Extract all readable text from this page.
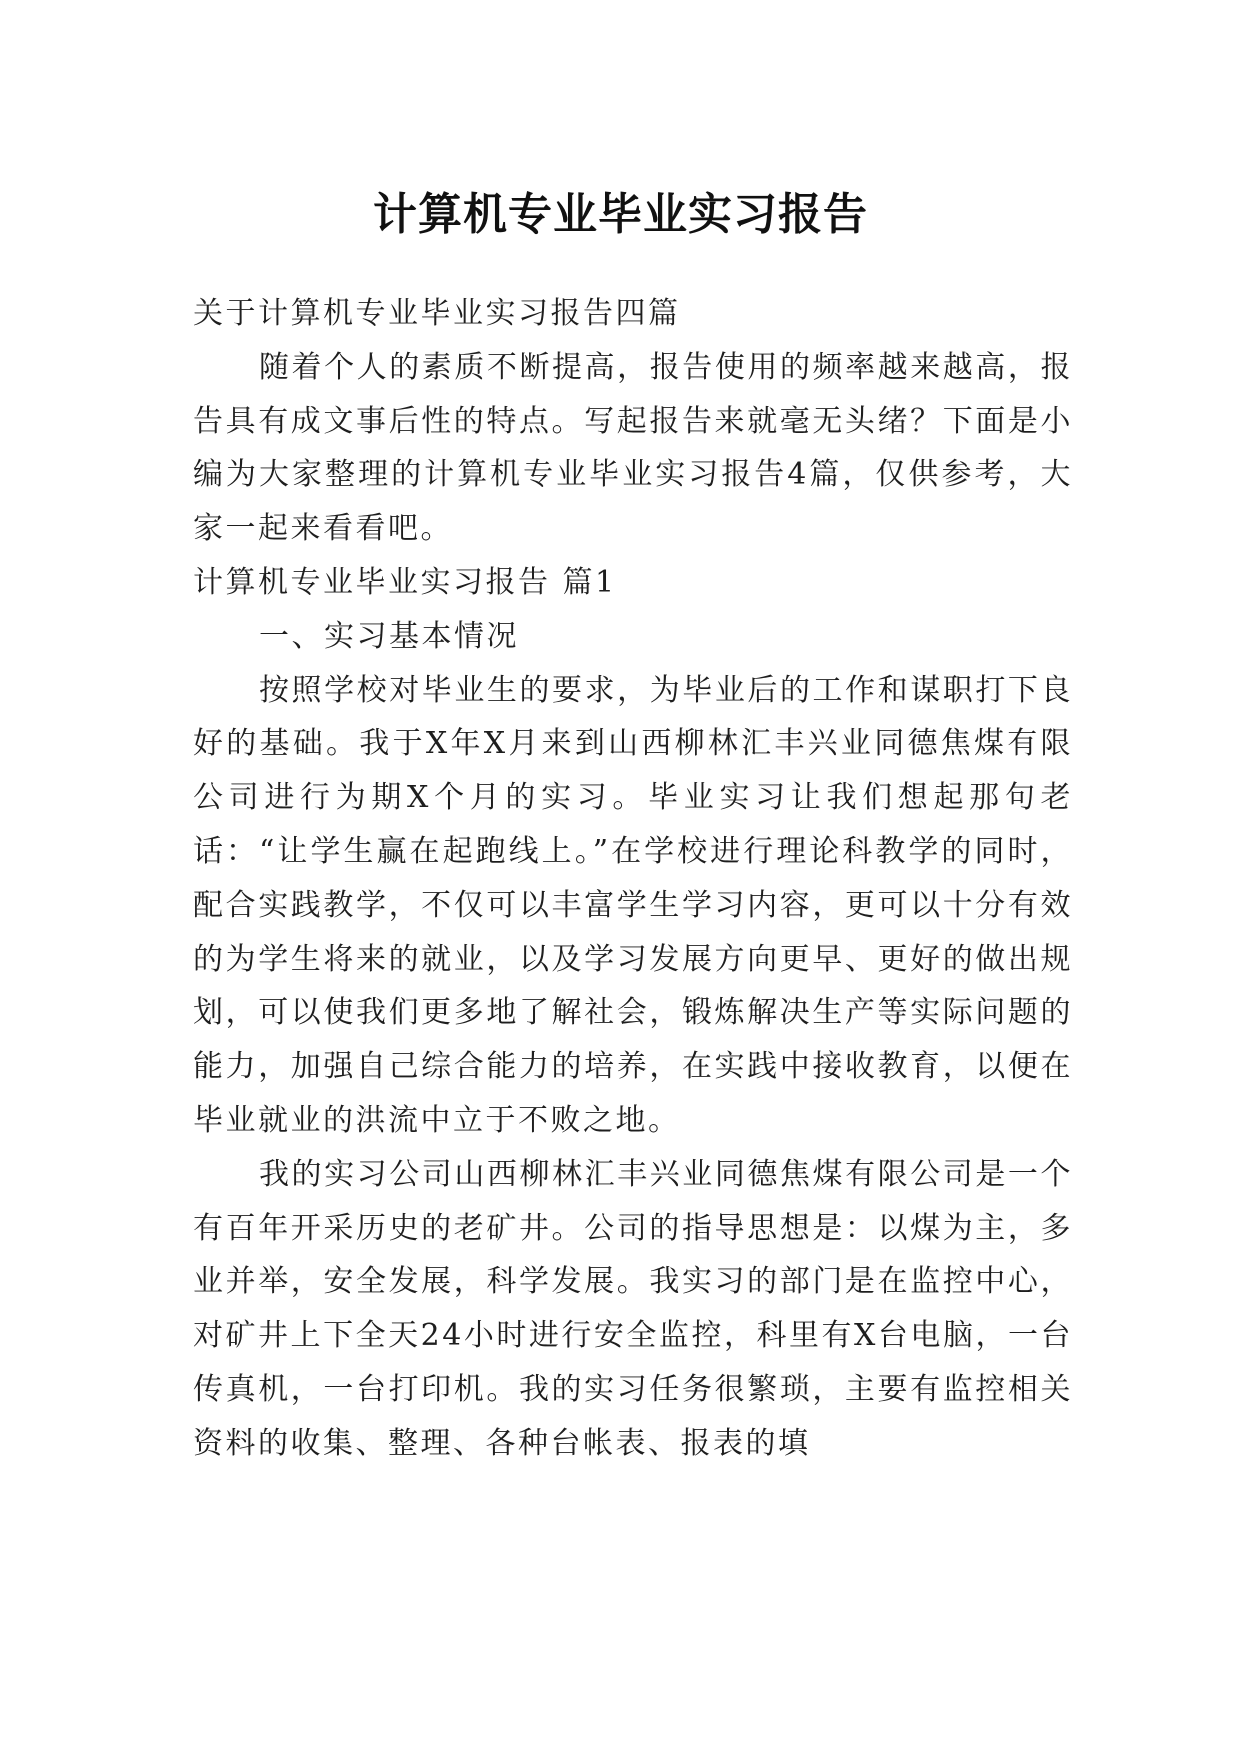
计算机专业毕业实习报告

关于计算机专业毕业实习报告四篇

随着个人的素质不断提高，报告使用的频率越来越高，报告具有成文事后性的特点。写起报告来就毫无头绪？下面是小编为大家整理的计算机专业毕业实习报告4篇，仅供参考，大家一起来看看吧。

计算机专业毕业实习报告 篇1

一、实习基本情况

按照学校对毕业生的要求，为毕业后的工作和谋职打下良好的基础。我于X年X月来到山西柳林汇丰兴业同德焦煤有限公司进行为期X个月的实习。毕业实习让我们想起那句老话：“让学生赢在起跑线上。”在学校进行理论科教学的同时，配合实践教学，不仅可以丰富学生学习内容，更可以十分有效的为学生将来的就业，以及学习发展方向更早、更好的做出规划，可以使我们更多地了解社会，锻炼解决生产等实际问题的能力，加强自己综合能力的培养，在实践中接收教育，以便在毕业就业的洪流中立于不败之地。

我的实习公司山西柳林汇丰兴业同德焦煤有限公司是一个有百年开采历史的老矿井。公司的指导思想是：以煤为主，多业并举，安全发展，科学发展。我实习的部门是在监控中心，对矿井上下全天24小时进行安全监控，科里有X台电脑，一台传真机，一台打印机。我的实习任务很繁琐，主要有监控相关资料的收集、整理、各种台帐表、报表的填
